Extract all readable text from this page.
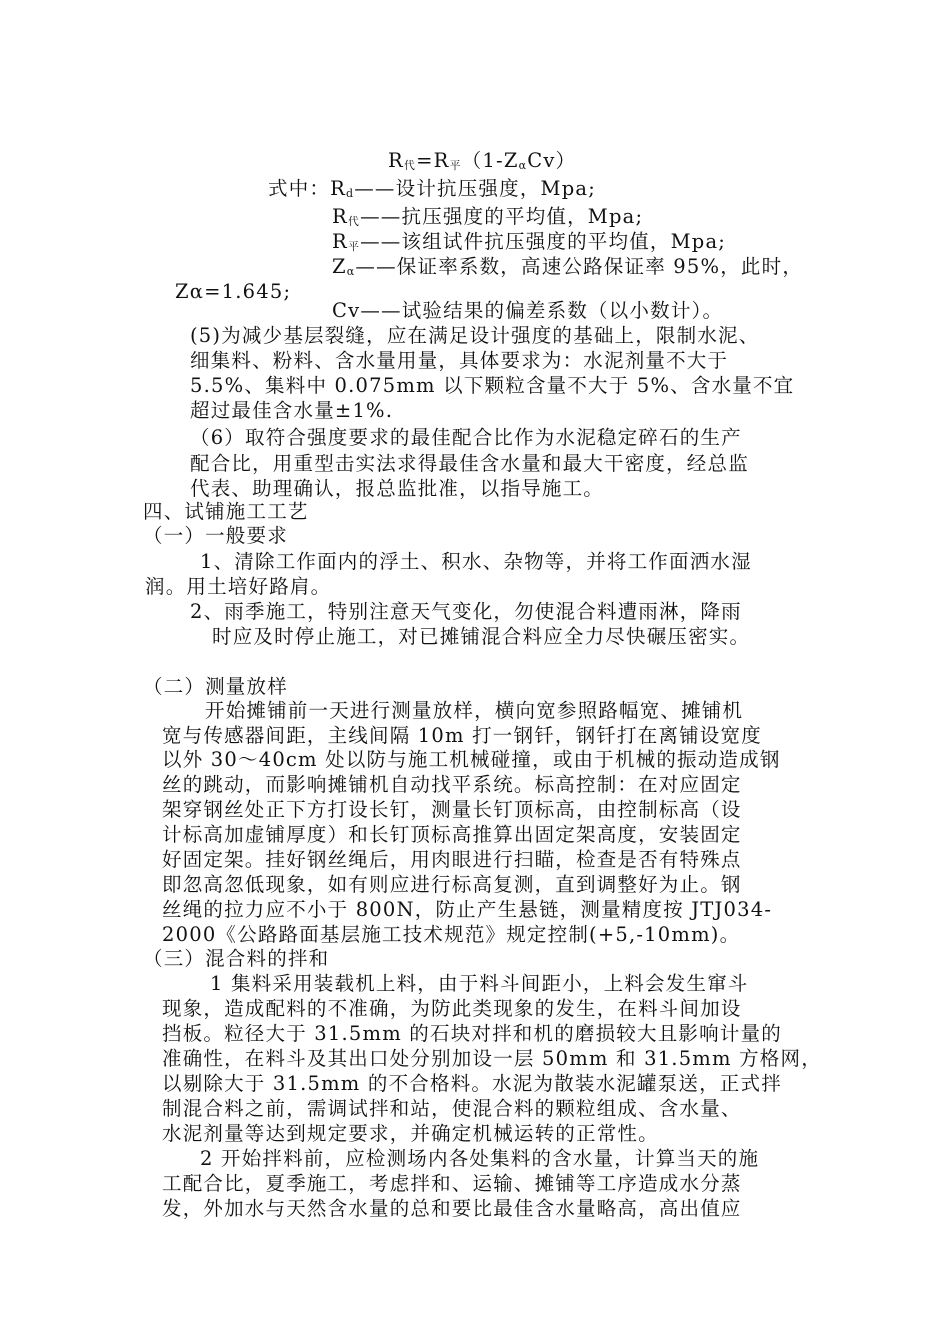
R代=R平（1-ZαCv）
式中：Rd——设计抗压强度，Mpa;
R代——抗压强度的平均值，Mpa;
R平——该组试件抗压强度的平均值，Mpa;
Zα——保证率系数，高速公路保证率 95%，此时，
Zα=1.645;
Cv——试验结果的偏差系数（以小数计）。
(5)为减少基层裂缝，应在满足设计强度的基础上，限制水泥、
细集料、粉料、含水量用量，具体要求为：水泥剂量不大于
5.5%、集料中 0.075mm 以下颗粒含量不大于 5%、含水量不宜
超过最佳含水量±1%.
（6）取符合强度要求的最佳配合比作为水泥稳定碎石的生产
配合比，用重型击实法求得最佳含水量和最大干密度，经总监
代表、助理确认，报总监批准，以指导施工。
四、试铺施工工艺
（一）一般要求
1、清除工作面内的浮土、积水、杂物等，并将工作面洒水湿
润。用土培好路肩。
2、雨季施工，特别注意天气变化，勿使混合料遭雨淋，降雨
时应及时停止施工，对已摊铺混合料应全力尽快碾压密实。
（二）测量放样
开始摊铺前一天进行测量放样，横向宽参照路幅宽、摊铺机
宽与传感器间距，主线间隔 10m 打一钢钎，钢钎打在离铺设宽度
以外 30～40cm 处以防与施工机械碰撞，或由于机械的振动造成钢
丝的跳动，而影响摊铺机自动找平系统。标高控制：在对应固定
架穿钢丝处正下方打设长钉，测量长钉顶标高，由控制标高（设
计标高加虚铺厚度）和长钉顶标高推算出固定架高度，安装固定
好固定架。挂好钢丝绳后，用肉眼进行扫瞄，检查是否有特殊点
即忽高忽低现象，如有则应进行标高复测，直到调整好为止。钢
丝绳的拉力应不小于 800N，防止产生悬链，测量精度按 JTJ034-
2000《公路路面基层施工技术规范》规定控制(+5,-10mm)。
（三）混合料的拌和
1 集料采用装载机上料，由于料斗间距小，上料会发生窜斗
现象，造成配料的不准确，为防此类现象的发生，在料斗间加设
挡板。粒径大于 31.5mm 的石块对拌和机的磨损较大且影响计量的
准确性，在料斗及其出口处分别加设一层 50mm 和 31.5mm 方格网，
以剔除大于 31.5mm 的不合格料。水泥为散装水泥罐泵送，正式拌
制混合料之前，需调试拌和站，使混合料的颗粒组成、含水量、
水泥剂量等达到规定要求，并确定机械运转的正常性。
2 开始拌料前，应检测场内各处集料的含水量，计算当天的施
工配合比，夏季施工，考虑拌和、运输、摊铺等工序造成水分蒸
发，外加水与天然含水量的总和要比最佳含水量略高，高出值应
